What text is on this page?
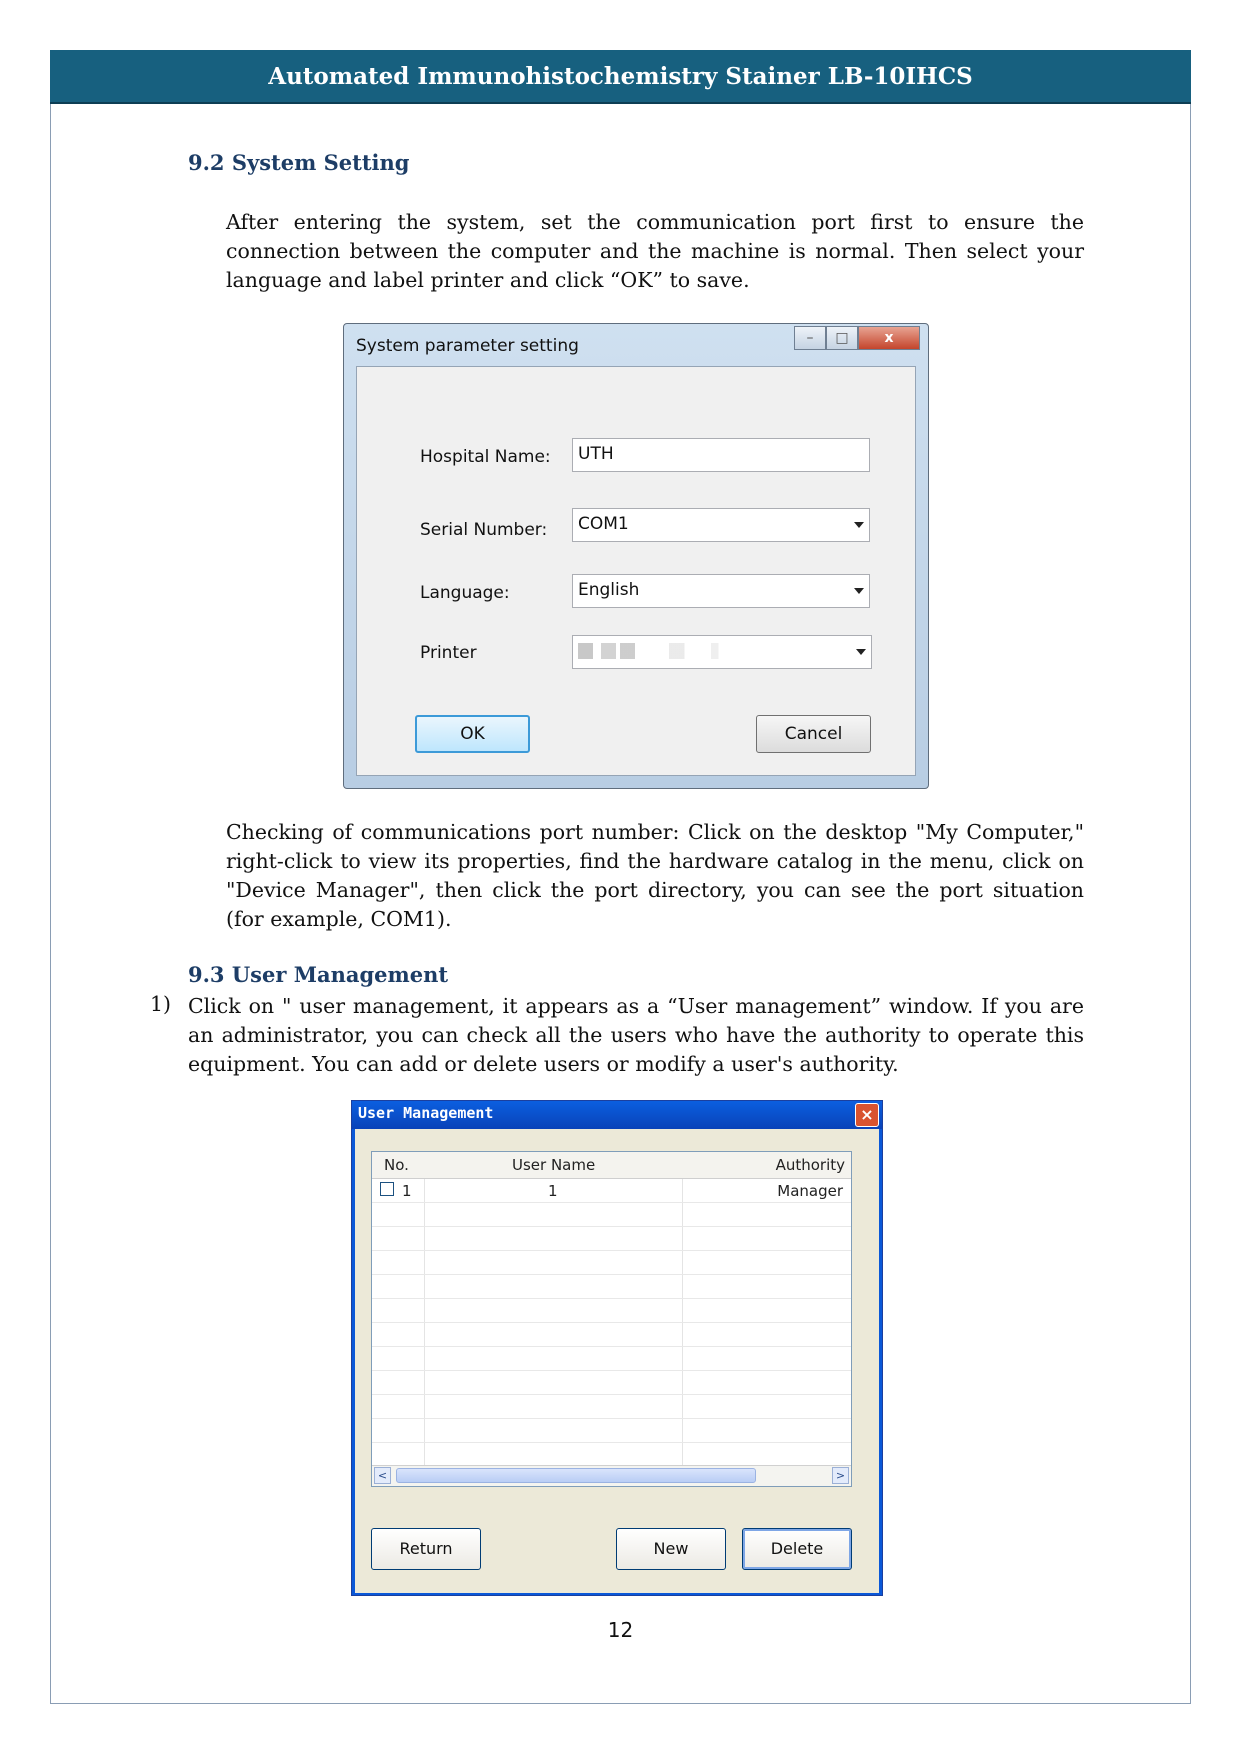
Automated Immunohistochemistry Stainer LB-10IHCS
9.2 System Setting

After entering the system, set the communication port first to ensure the connection between the computer and the machine is normal. Then select your language and label printer and click “OK” to save.

System parameter setting	–	□	x
Hospital Name:	UTH
Serial Number:	COM1
Language:	English
Printer
OK	Cancel

Checking of communications port number: Click on the desktop "My Computer," right-click to view its properties, find the hardware catalog in the menu, click on "Device Manager", then click the port directory, you can see the port situation (for example, COM1).

9.3 User Management
1) Click on " user management, it appears as a “User management” window. If you are an administrator, you can check all the users who have the authority to operate this equipment. You can add or delete users or modify a user's authority.

User Management	×
No.	User Name	Authority
1	1	Manager
<	>
Return	New	Delete
12
